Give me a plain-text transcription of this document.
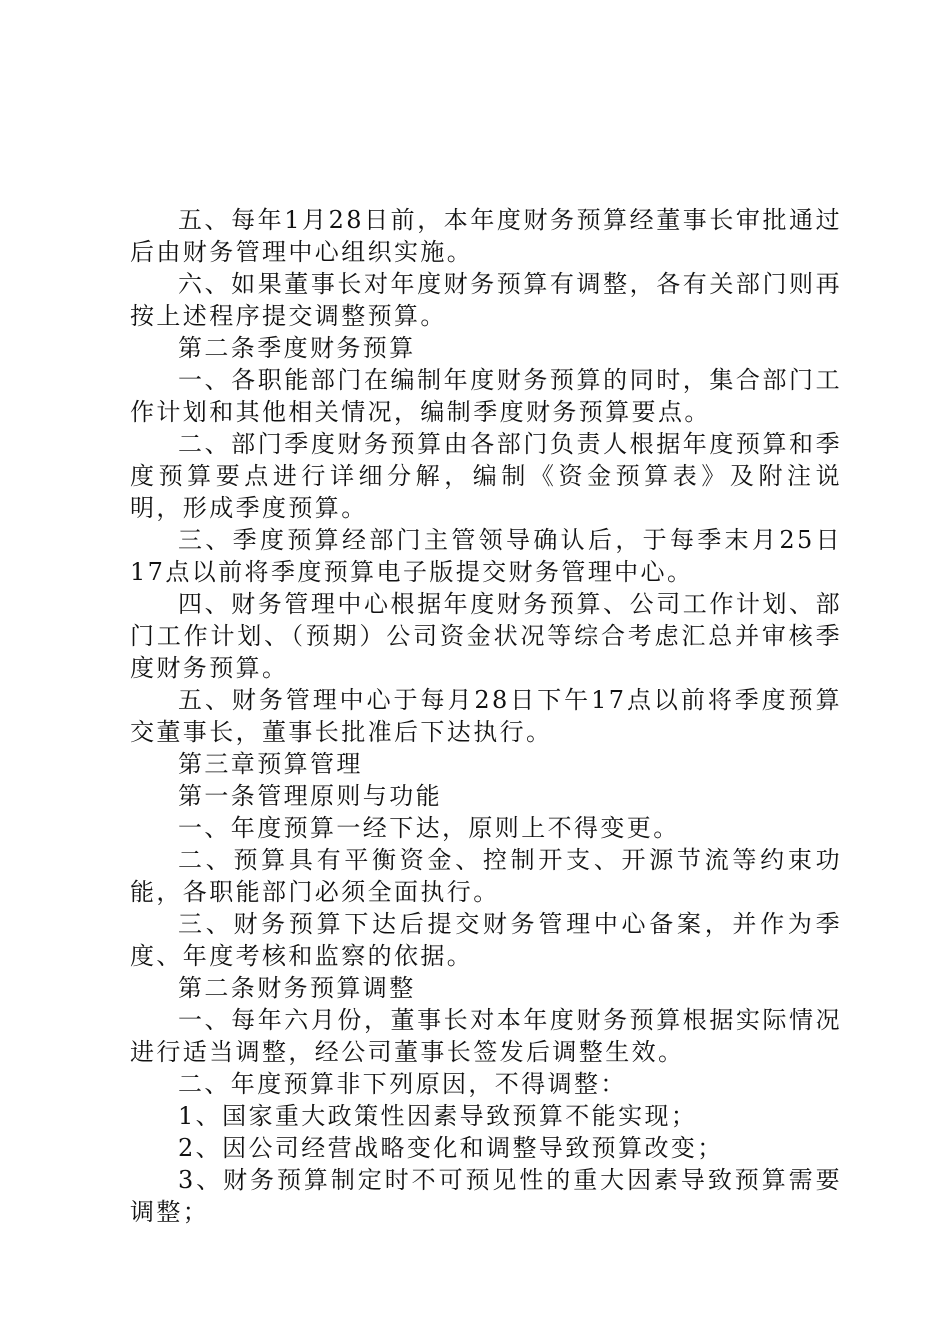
五、每年1月28日前，本年度财务预算经董事长审批通过后由财务管理中心组织实施。

六、如果董事长对年度财务预算有调整，各有关部门则再按上述程序提交调整预算。

第二条季度财务预算

一、各职能部门在编制年度财务预算的同时，集合部门工作计划和其他相关情况，编制季度财务预算要点。

二、部门季度财务预算由各部门负责人根据年度预算和季度预算要点进行详细分解，编制《资金预算表》及附注说明，形成季度预算。

三、季度预算经部门主管领导确认后，于每季末月25日17点以前将季度预算电子版提交财务管理中心。

四、财务管理中心根据年度财务预算、公司工作计划、部门工作计划、（预期）公司资金状况等综合考虑汇总并审核季度财务预算。

五、财务管理中心于每月28日下午17点以前将季度预算交董事长，董事长批准后下达执行。

第三章预算管理

第一条管理原则与功能

一、年度预算一经下达，原则上不得变更。

二、预算具有平衡资金、控制开支、开源节流等约束功能，各职能部门必须全面执行。

三、财务预算下达后提交财务管理中心备案，并作为季度、年度考核和监察的依据。

第二条财务预算调整

一、每年六月份，董事长对本年度财务预算根据实际情况进行适当调整，经公司董事长签发后调整生效。

二、年度预算非下列原因，不得调整：

1、国家重大政策性因素导致预算不能实现；

2、因公司经营战略变化和调整导致预算改变；

3、财务预算制定时不可预见性的重大因素导致预算需要调整；
